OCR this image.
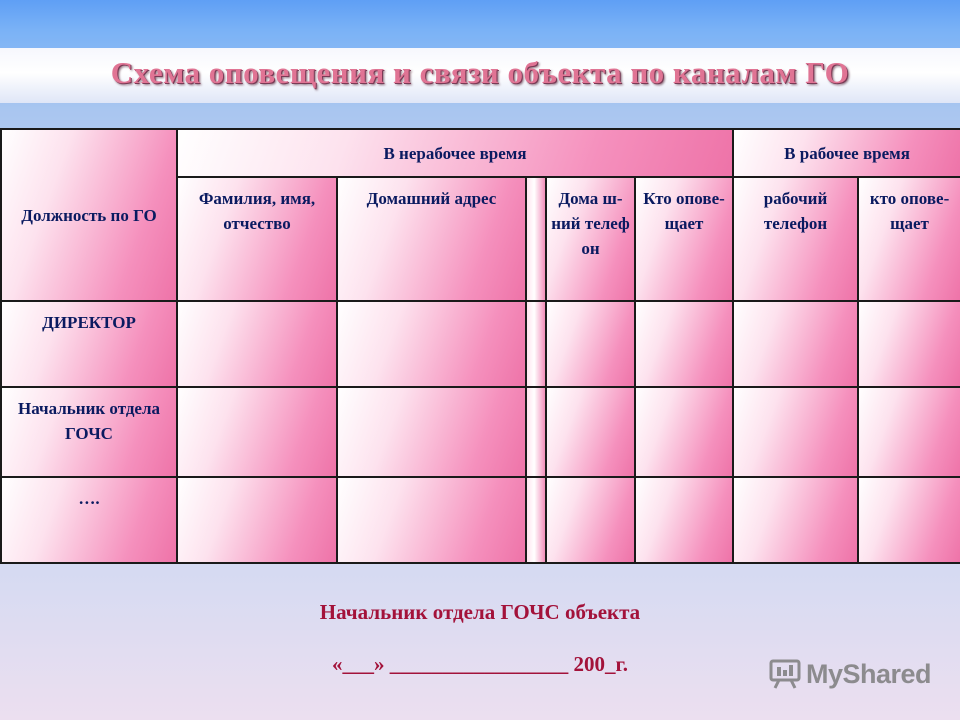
Схема оповещения и связи объекта по каналам ГО
Должность по ГО	В нерабочее время					В рабочее время	
	Фамилия, имя, отчество	Домашний адрес		Дома ш-ний телеф он	Кто опове- щает	рабочий телефон	кто опове- щает
ДИРЕКТОР							
Начальник отдела ГОЧС							
….							
Начальник отдела ГОЧС объекта
«___» _________________ 200_г.	MyShared
